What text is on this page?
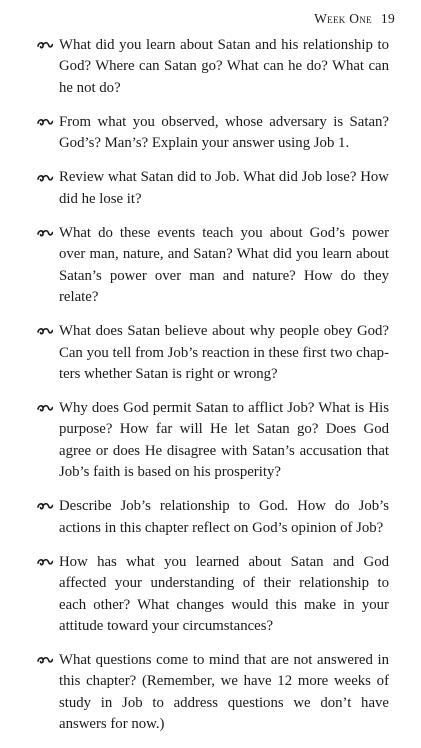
Week One 19
What did you learn about Satan and his relationship to God? Where can Satan go? What can he do? What can he not do?
From what you observed, whose adversary is Satan? God’s? Man’s? Explain your answer using Job 1.
Review what Satan did to Job. What did Job lose? How did he lose it?
What do these events teach you about God’s power over man, nature, and Satan? What did you learn about Satan’s power over man and nature? How do they relate?
What does Satan believe about why people obey God? Can you tell from Job’s reaction in these first two chapters whether Satan is right or wrong?
Why does God permit Satan to afflict Job? What is His purpose? How far will He let Satan go? Does God agree or does He disagree with Satan’s accusation that Job’s faith is based on his prosperity?
Describe Job’s relationship to God. How do Job’s actions in this chapter reflect on God’s opinion of Job?
How has what you learned about Satan and God affected your understanding of their relationship to each other? What changes would this make in your attitude toward your circumstances?
What questions come to mind that are not answered in this chapter? (Remember, we have 12 more weeks of study in Job to address questions we don’t have answers for now.)
